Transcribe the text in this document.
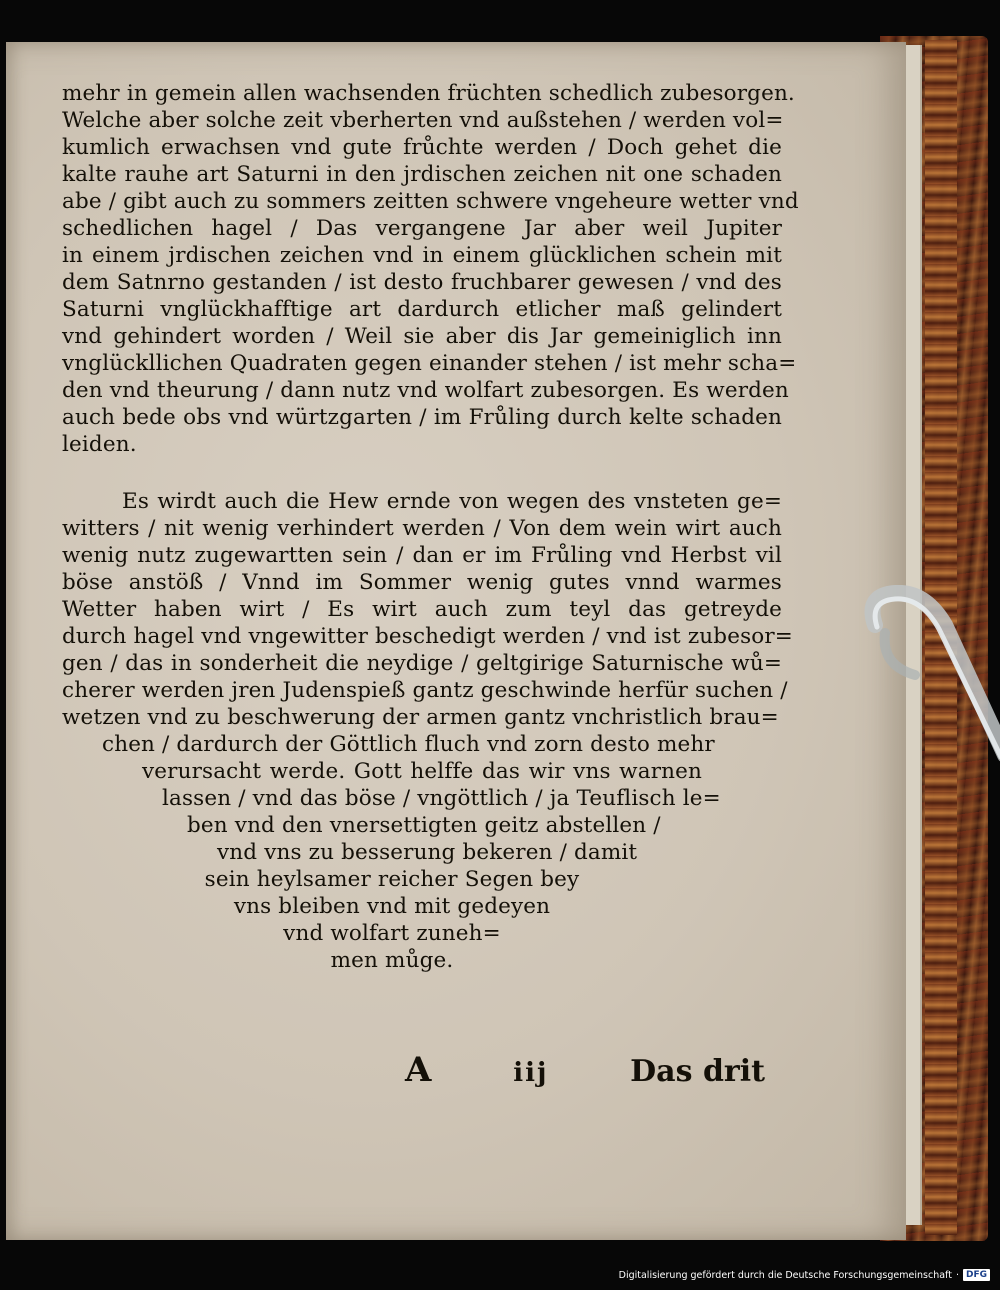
mehr in gemein allen wachsenden früchten schedlich zubesorgen.
Welche aber solche zeit vberherten vnd außstehen / werden vol=
kumlich erwachsen vnd gute frůchte werden / Doch gehet die
kalte rauhe art Saturni in den jrdischen zeichen nit one schaden
abe / gibt auch zu sommers zeitten schwere vngeheure wetter vnd
schedlichen hagel / Das vergangene Jar aber weil Jupiter
in einem jrdischen zeichen vnd in einem glücklichen schein mit
dem Satnrno gestanden / ist desto fruchbarer gewesen / vnd des
Saturni vnglückhafftige art dardurch etlicher maß gelindert
vnd gehindert worden / Weil sie aber dis Jar gemeiniglich inn
vnglückllichen Quadraten gegen einander stehen / ist mehr scha=
den vnd theurung / dann nutz vnd wolfart zubesorgen. Es werden
auch bede obs vnd würtzgarten / im Frůling durch kelte schaden
leiden.
Es wirdt auch die Hew ernde von wegen des vnsteten ge=
witters / nit wenig verhindert werden / Von dem wein wirt auch
wenig nutz zugewartten sein / dan er im Frůling vnd Herbst vil
böse anstöß / Vnnd im Sommer wenig gutes vnnd warmes
Wetter haben wirt / Es wirt auch zum teyl das getreyde
durch hagel vnd vngewitter beschedigt werden / vnd ist zubesor=
gen / das in sonderheit die neydige / geltgirige Saturnische wů=
cherer werden jren Judenspieß gantz geschwinde herfür suchen /
wetzen vnd zu beschwerung der armen gantz vnchristlich brau=
chen / dardurch der Göttlich fluch vnd zorn desto mehr
verursacht werde. Gott helffe das wir vns warnen
lassen / vnd das böse / vngöttlich / ja Teuflisch le=
ben vnd den vnersettigten geitz abstellen /
vnd vns zu besserung bekeren / damit
sein heylsamer reicher Segen bey
vns bleiben vnd mit gedeyen
vnd wolfart zuneh=
men můge.
A	iij	Das drit
Digitalisierung gefördert durch die Deutsche Forschungsgemeinschaft · DFG
